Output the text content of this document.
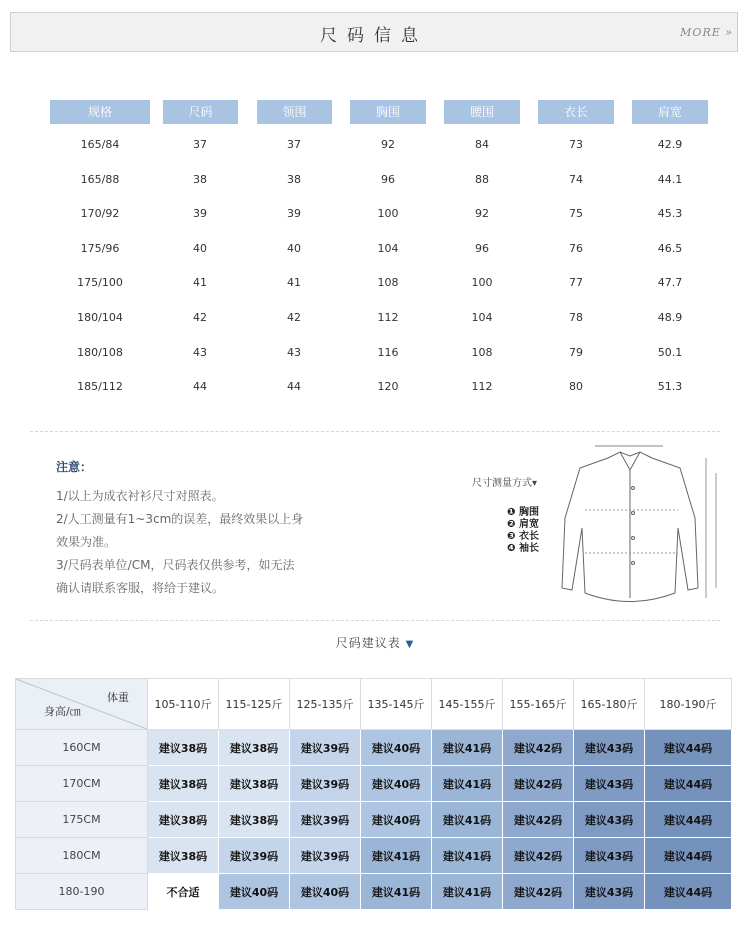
尺码信息	MORE »
规格	尺码	领围	胸围	腰围	衣长	肩宽
165/84	37	37	92	84	73	42.9
165/88	38	38	96	88	74	44.1
170/92	39	39	100	92	75	45.3
175/96	40	40	104	96	76	46.5
175/100	41	41	108	100	77	47.7
180/104	42	42	112	104	78	48.9
180/108	43	43	116	108	79	50.1
185/112	44	44	120	112	80	51.3
注意：
1/以上为成衣衬衫尺寸对照表。
2/人工测量有1~3cm的误差，最终效果以上身
效果为准。
3/尺码表单位/CM，尺码表仅供参考，如无法
确认请联系客服，将给于建议。
尺寸测量方式▾
❶ 胸围
❷ 肩宽
❸ 衣长
❹ 袖长
尺码建议表 ▼
体重
身高/㎝	105-110斤	115-125斤	125-135斤	135-145斤	145-155斤	155-165斤	165-180斤	180-190斤
160CM	建议38码	建议38码	建议39码	建议40码	建议41码	建议42码	建议43码	建议44码
170CM	建议38码	建议38码	建议39码	建议40码	建议41码	建议42码	建议43码	建议44码
175CM	建议38码	建议38码	建议39码	建议40码	建议41码	建议42码	建议43码	建议44码
180CM	建议38码	建议39码	建议39码	建议41码	建议41码	建议42码	建议43码	建议44码
180-190	不合适	建议40码	建议40码	建议41码	建议41码	建议42码	建议43码	建议44码
